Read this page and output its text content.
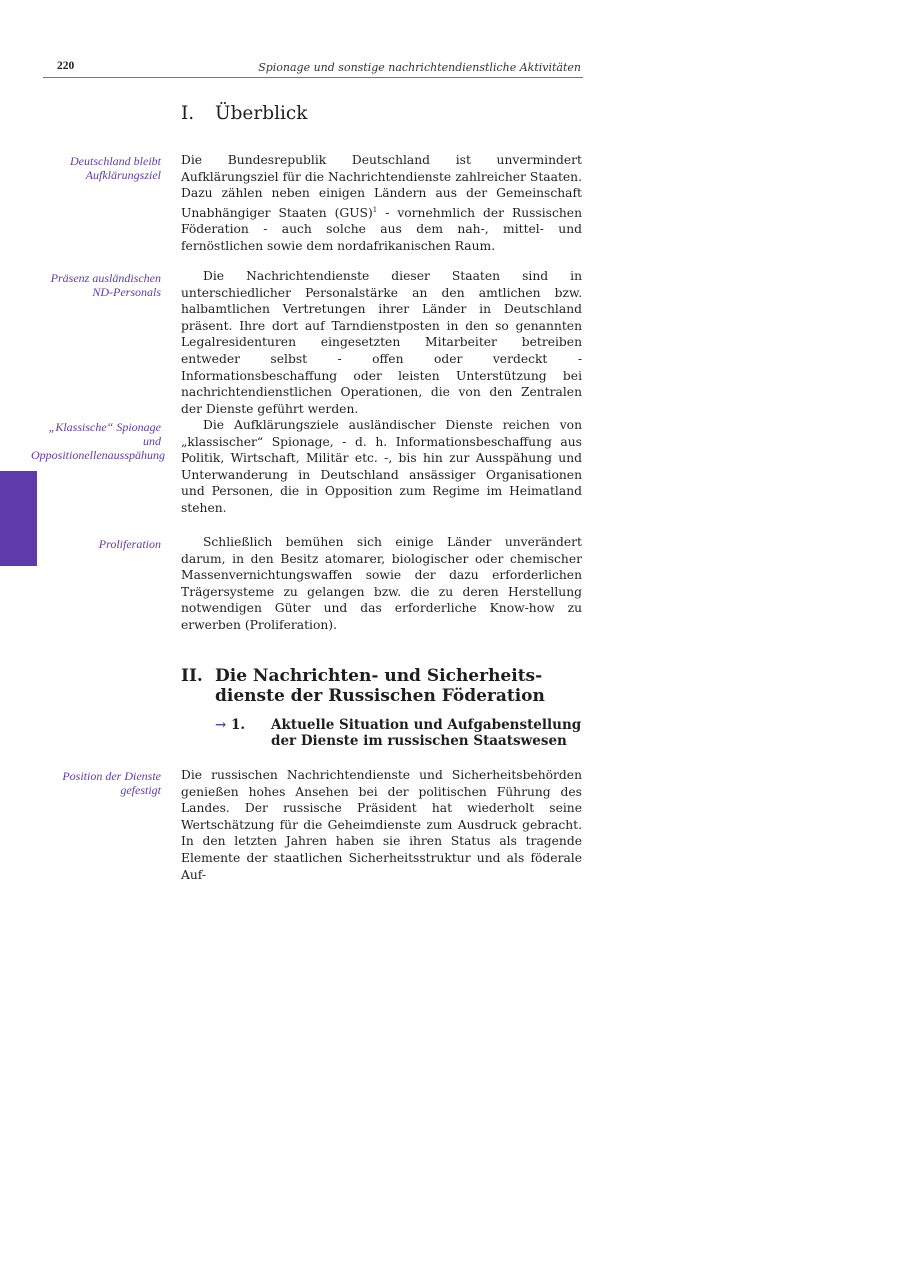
220	Spionage und sonstige nachrichtendienstliche Aktivitäten
I.	Überblick
Deutschland bleibt Aufklärungsziel

Die Bundesrepublik Deutschland ist unvermindert Aufklärungsziel für die Nachrichtendienste zahlreicher Staaten. Dazu zählen neben einigen Ländern aus der Gemeinschaft Unabhängiger Staaten (GUS)$^1$ - vornehmlich der Russischen Föderation - auch solche aus dem nah-, mittel- und fernöstlichen sowie dem nordafrikanischen Raum.

Präsenz ausländischen ND-Personals

Die Nachrichtendienste dieser Staaten sind in unterschiedlicher Personalstärke an den amtlichen bzw. halbamtlichen Vertretungen ihrer Länder in Deutschland präsent. Ihre dort auf Tarndienstposten in den so genannten Legalresidenturen eingesetzten Mitarbeiter betreiben entweder selbst - offen oder verdeckt - Informationsbeschaffung oder leisten Unterstützung bei nachrichtendienstlichen Operationen, die von den Zentralen der Dienste geführt werden.

„Klassische“ Spionage und Oppositionellenausspähung

Die Aufklärungsziele ausländischer Dienste reichen von „klassischer“ Spionage, - d. h. Informationsbeschaffung aus Politik, Wirtschaft, Militär etc. -, bis hin zur Ausspähung und Unterwanderung in Deutschland ansässiger Organisationen und Personen, die in Opposition zum Regime im Heimatland stehen.

Proliferation	Schließlich bemühen sich einige Länder unverändert darum, in den Besitz atomarer, biologischer oder chemischer Massenvernichtungswaffen sowie der dazu erforderlichen Trägersysteme zu gelangen bzw. die zu deren Herstellung notwendigen Güter und das erforderliche Know-how zu erwerben (Proliferation).

II. Die Nachrichten- und Sicherheits-
dienste der Russischen Föderation
→ 1.	Aktuelle Situation und Aufgabenstellung
der Dienste im russischen Staatswesen
Position der Dienste gefestigt

Die russischen Nachrichtendienste und Sicherheitsbehörden genießen hohes Ansehen bei der politischen Führung des Landes. Der russische Präsident hat wiederholt seine Wertschätzung für die Geheimdienste zum Ausdruck gebracht. In den letzten Jahren haben sie ihren Status als tragende Elemente der staatlichen Sicherheitsstruktur und als föderale Auf-
